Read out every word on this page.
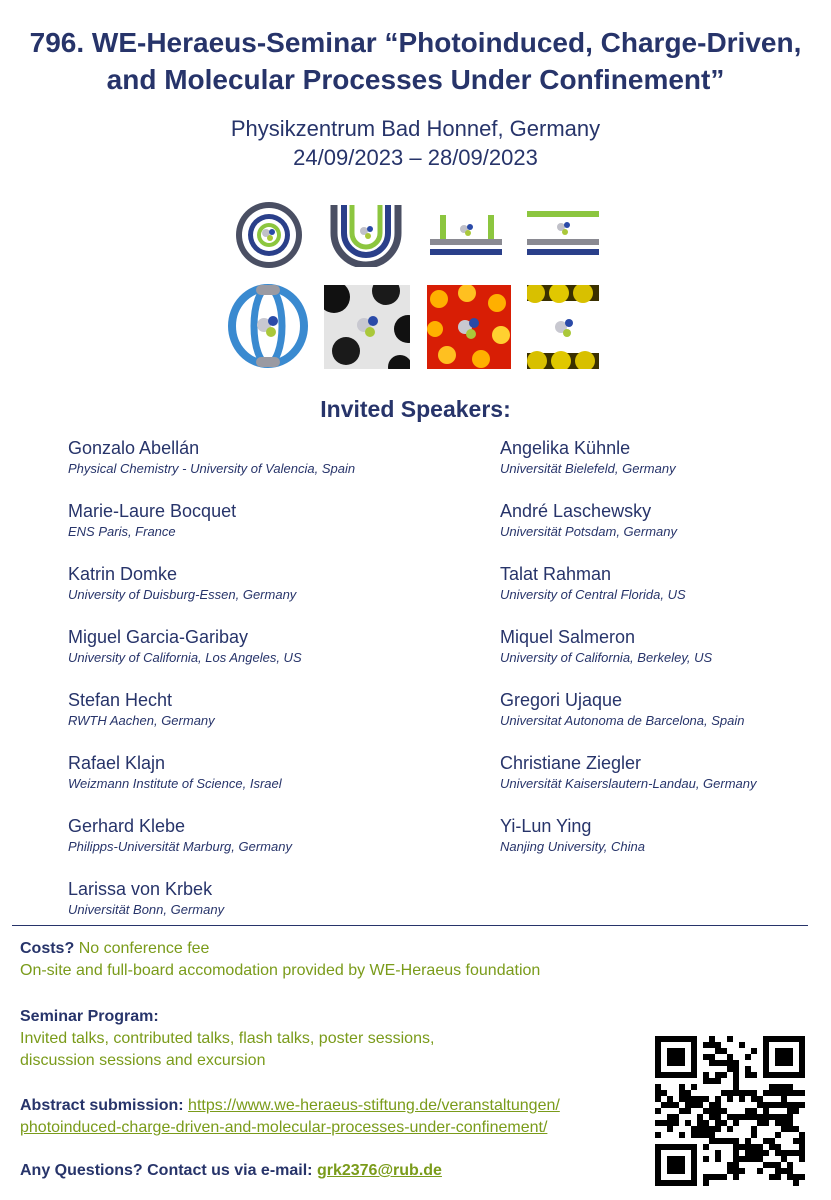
796. WE-Heraeus-Seminar “Photoinduced, Charge-Driven,
and Molecular Processes Under Confinement”
Physikzentrum Bad Honnef, Germany
24/09/2023 – 28/09/2023
Invited Speakers:
Gonzalo Abellán
Physical Chemistry - University of Valencia, Spain
Marie-Laure Bocquet
ENS Paris, France
Katrin Domke
University of Duisburg-Essen, Germany
Miguel Garcia-Garibay
University of California, Los Angeles, US
Stefan Hecht
RWTH Aachen, Germany
Rafael Klajn
Weizmann Institute of Science, Israel
Gerhard Klebe
Philipps-Universität Marburg, Germany
Larissa von Krbek
Universität Bonn, Germany
Angelika Kühnle
Universität Bielefeld, Germany
André Laschewsky
Universität Potsdam, Germany
Talat Rahman
University of Central Florida, US
Miquel Salmeron
University of California, Berkeley, US
Gregori Ujaque
Universitat Autonoma de Barcelona, Spain
Christiane Ziegler
Universität Kaiserslautern-Landau, Germany
Yi-Lun Ying
Nanjing University, China
Costs? No conference fee
On-site and full-board accomodation provided by WE-Heraeus foundation
Seminar Program:
Invited talks, contributed talks, flash talks, poster sessions,
discussion sessions and excursion
Abstract submission: https://www.we-heraeus-stiftung.de/veranstaltungen/
photoinduced-charge-driven-and-molecular-processes-under-confinement/
Any Questions? Contact us via e-mail: grk2376@rub.de
